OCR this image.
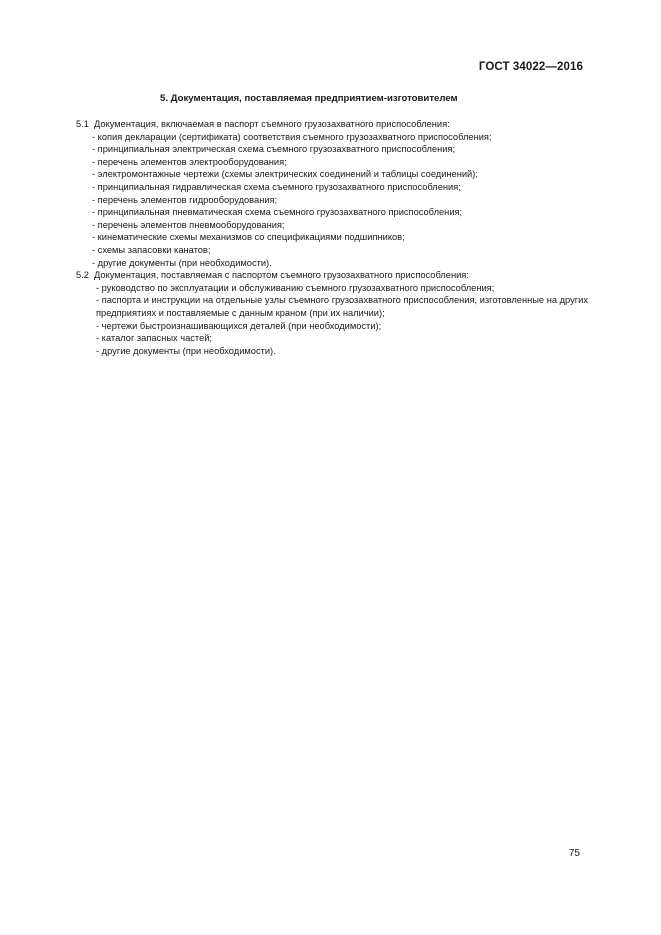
ГОСТ 34022—2016
5. Документация, поставляемая предприятием-изготовителем
5.1 Документация, включаемая в паспорт съемного грузозахватного приспособления:
- копия декларации (сертификата) соответствия съемного грузозахватного приспособления;
- принципиальная электрическая схема съемного грузозахватного приспособления;
- перечень элементов электрооборудования;
- электромонтажные чертежи (схемы электрических соединений и таблицы соединений);
- принципиальная гидравлическая схема съемного грузозахватного приспособления;
- перечень элементов гидрооборудования;
- принципиальная пневматическая схема съемного грузозахватного приспособления;
- перечень элементов пневмооборудования;
- кинематические схемы механизмов со спецификациями подшипников;
- схемы запасовки канатов;
- другие документы (при необходимости).
5.2 Документация, поставляемая с паспортом съемного грузозахватного приспособления:
- руководство по эксплуатации и обслуживанию съемного грузозахватного приспособления;
- паспорта и инструкции на отдельные узлы съемного грузозахватного приспособления, изготовленные на других предприятиях и поставляемые с данным краном (при их наличии);
- чертежи быстроизнашивающихся деталей (при необходимости);
- каталог запасных частей;
- другие документы (при необходимости).
75
